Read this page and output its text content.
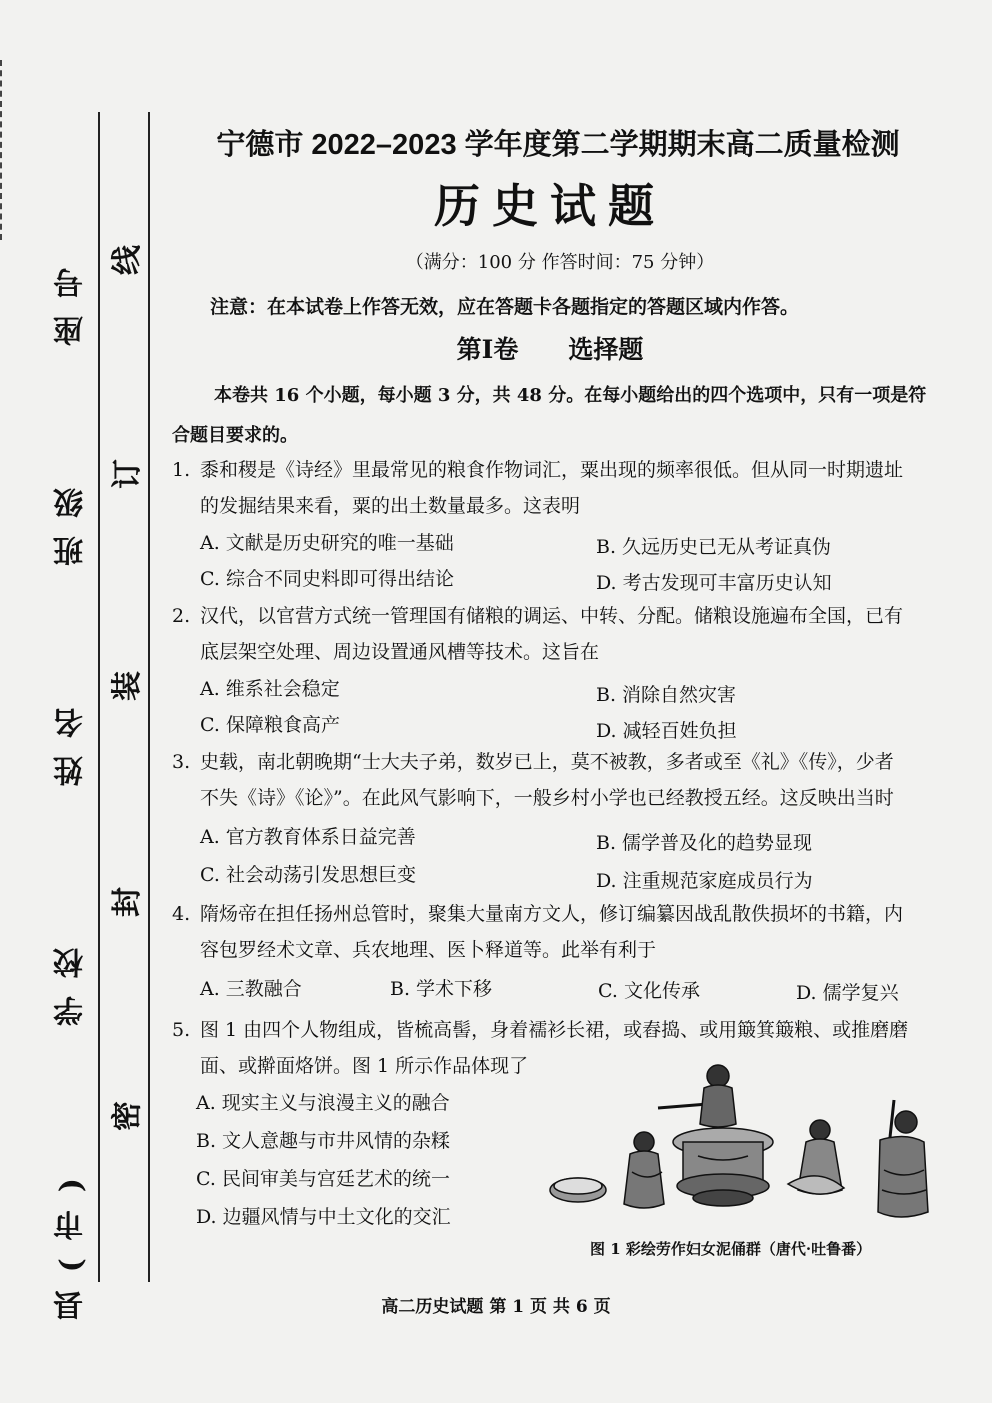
座号
班级
姓名
学校
县(市)
线
订
装
封
密
宁德市 2022–2023 学年度第二学期期末高二质量检测
历史试题
（满分：100 分 作答时间：75 分钟）
注意：在本试卷上作答无效，应在答题卡各题指定的答题区域内作答。
第Ⅰ卷 选择题
本卷共 16 个小题，每小题 3 分，共 48 分。在每小题给出的四个选项中，只有一项是符合题目要求的。
1. 黍和稷是《诗经》里最常见的粮食作物词汇，粟出现的频率很低。但从同一时期遗址
的发掘结果来看，粟的出土数量最多。这表明
A. 文献是历史研究的唯一基础	B. 久远历史已无从考证真伪
C. 综合不同史料即可得出结论	D. 考古发现可丰富历史认知
2. 汉代，以官营方式统一管理国有储粮的调运、中转、分配。储粮设施遍布全国，已有
底层架空处理、周边设置通风槽等技术。这旨在
A. 维系社会稳定	B. 消除自然灾害
C. 保障粮食高产	D. 减轻百姓负担
3. 史载，南北朝晚期“士大夫子弟，数岁已上，莫不被教，多者或至《礼》《传》，少者
不失《诗》《论》”。在此风气影响下，一般乡村小学也已经教授五经。这反映出当时
A. 官方教育体系日益完善	B. 儒学普及化的趋势显现
C. 社会动荡引发思想巨变	D. 注重规范家庭成员行为
4. 隋炀帝在担任扬州总管时，聚集大量南方文人，修订编纂因战乱散佚损坏的书籍，内
容包罗经术文章、兵农地理、医卜释道等。此举有利于
A. 三教融合	B. 学术下移	C. 文化传承	D. 儒学复兴
5. 图 1 由四个人物组成，皆梳高髻，身着襦衫长裙，或舂捣、或用簸箕簸粮、或推磨磨
面、或擀面烙饼。图 1 所示作品体现了
A. 现实主义与浪漫主义的融合
B. 文人意趣与市井风情的杂糅
C. 民间审美与宫廷艺术的统一
D. 边疆风情与中土文化的交汇
图 1 彩绘劳作妇女泥俑群（唐代·吐鲁番）
高二历史试题 第 1 页 共 6 页
